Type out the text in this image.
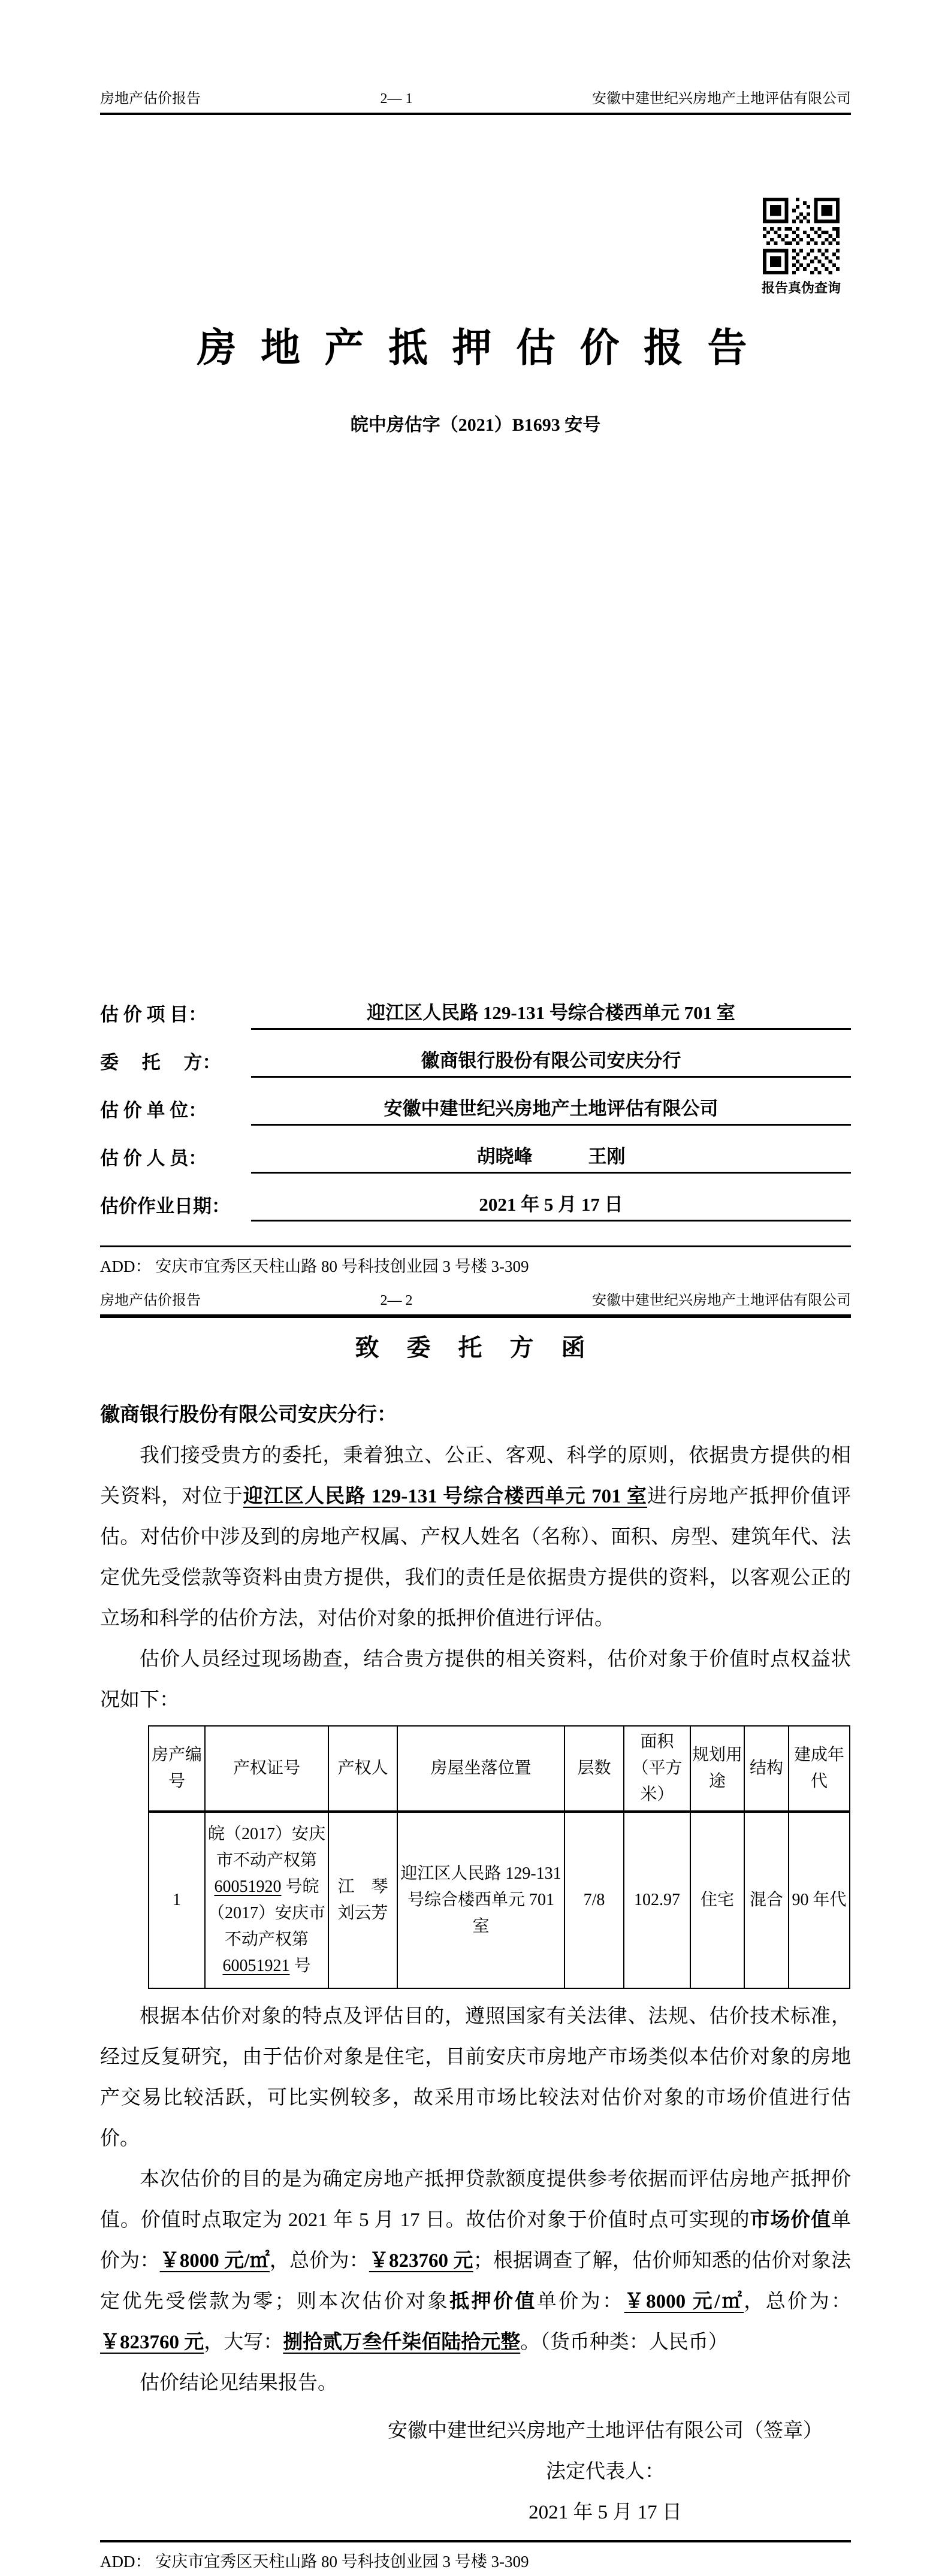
房地产估价报告	2— 1	安徽中建世纪兴房地产土地评估有限公司
报告真伪查询
房 地 产 抵 押 估 价 报 告
皖中房估字（2021）B1693 安号
估 价 项 目：	迎江区人民路 129-131 号综合楼西单元 701 室
委　 托　 方：	徽商银行股份有限公司安庆分行
估 价 单 位：	安徽中建世纪兴房地产土地评估有限公司
估 价 人 员：	胡晓峰　　　王刚
估价作业日期：	2021 年 5 月 17 日
ADD： 安庆市宜秀区天柱山路 80 号科技创业园 3 号楼 3-309
房地产估价报告	2— 2	安徽中建世纪兴房地产土地评估有限公司
致 委 托 方 函
徽商银行股份有限公司安庆分行：

我们接受贵方的委托，秉着独立、公正、客观、科学的原则，依据贵方提供的相关资料，对位于迎江区人民路 129-131 号综合楼西单元 701 室进行房地产抵押价值评估。对估价中涉及到的房地产权属、产权人姓名（名称）、面积、房型、建筑年代、法定优先受偿款等资料由贵方提供，我们的责任是依据贵方提供的资料，以客观公正的立场和科学的估价方法，对估价对象的抵押价值进行评估。

估价人员经过现场勘查，结合贵方提供的相关资料，估价对象于价值时点权益状况如下：

房产编号	产权证号	产权人	房屋坐落位置	层数	面积（平方米）	规划用途	结构	建成年代
1	皖（2017）安庆市不动产权第 60051920 号皖（2017）安庆市不动产权第 60051921 号	江　琴
刘云芳	迎江区人民路 129-131 号综合楼西单元 701 室	7/8	102.97	住宅	混合	90 年代

根据本估价对象的特点及评估目的，遵照国家有关法律、法规、估价技术标准，经过反复研究，由于估价对象是住宅，目前安庆市房地产市场类似本估价对象的房地产交易比较活跃，可比实例较多，故采用市场比较法对估价对象的市场价值进行估价。

本次估价的目的是为确定房地产抵押贷款额度提供参考依据而评估房地产抵押价值。价值时点取定为 2021 年 5 月 17 日。故估价对象于价值时点可实现的市场价值单价为：￥8000 元/㎡，总价为：￥823760 元；根据调查了解，估价师知悉的估价对象法定优先受偿款为零；则本次估价对象抵押价值单价为：￥8000 元/㎡，总价为：￥823760 元，大写：捌拾贰万叁仟柒佰陆拾元整。（货币种类：人民币）

估价结论见结果报告。

安徽中建世纪兴房地产土地评估有限公司（签章）
法定代表人：
2021 年 5 月 17 日
ADD： 安庆市宜秀区天柱山路 80 号科技创业园 3 号楼 3-309
